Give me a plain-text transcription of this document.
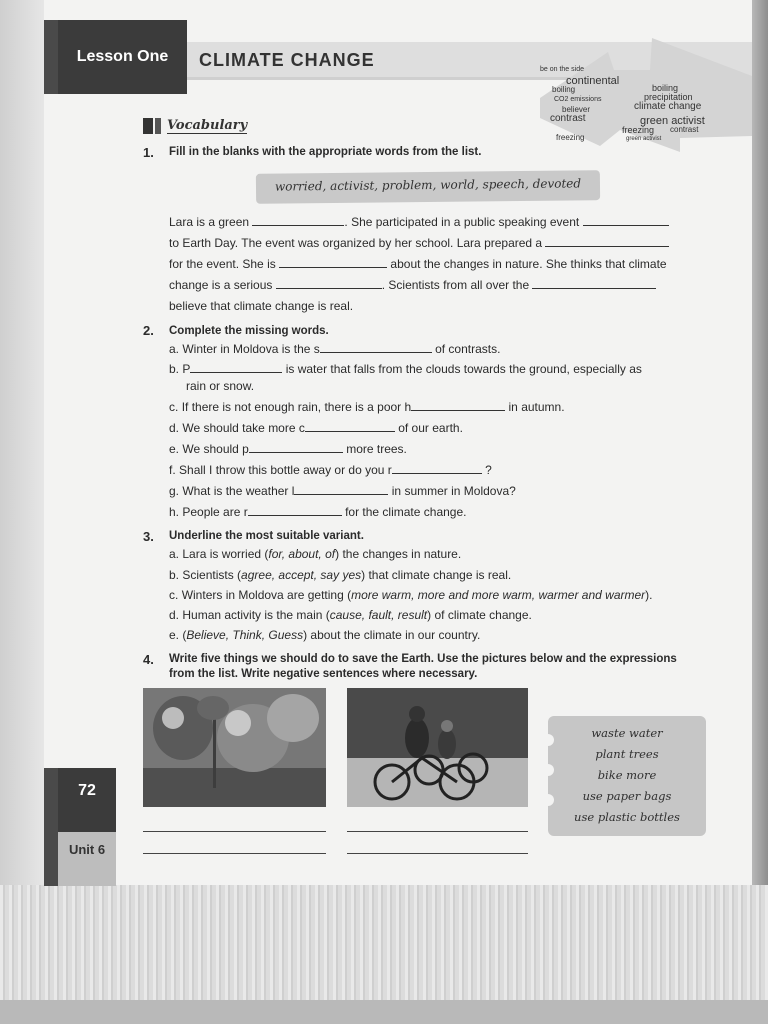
Lesson One	CLIMATE CHANGE	be on the side
continental
boiling
precipitation
boiling
CO2 emissions
climate change
believer
green activist
contrast
contrast
freezing	green activist
freezing
Vocabulary
1. Fill in the blanks with the appropriate words from the list.
worried, activist, problem, world, speech, devoted
Lara is a green	. She participated in a public speaking event
to Earth Day. The event was organized by her school. Lara prepared a
for the event. She is	about the changes in nature. She thinks that climate
change is a serious	. Scientists from all over the
believe that climate change is real.
2. Complete the missing words.
a. Winter in Moldova is the s	of contrasts.
b. P	is water that falls from the clouds towards the ground, especially as
rain or snow.
c. If there is not enough rain, there is a poor h	in autumn.
d. We should take more c	of our earth.
e. We should p	more trees.
f. Shall I throw this bottle away or do you r	?
g. What is the weather l	in summer in Moldova?
h. People are r	for the climate change.
3. Underline the most suitable variant.
a. Lara is worried (for, about, of) the changes in nature.
b. Scientists (agree, accept, say yes) that climate change is real.
c. Winters in Moldova are getting (more warm, more and more warm, warmer and warmer).
d. Human activity is the main (cause, fault, result) of climate change.
e. (Believe, Think, Guess) about the climate in our country.
4. Write five things we should do to save the Earth. Use the pictures below and the expressions
from the list. Write negative sentences where necessary.
waste water
plant trees
bike more
use paper bags
use plastic bottles
72
Unit 6
